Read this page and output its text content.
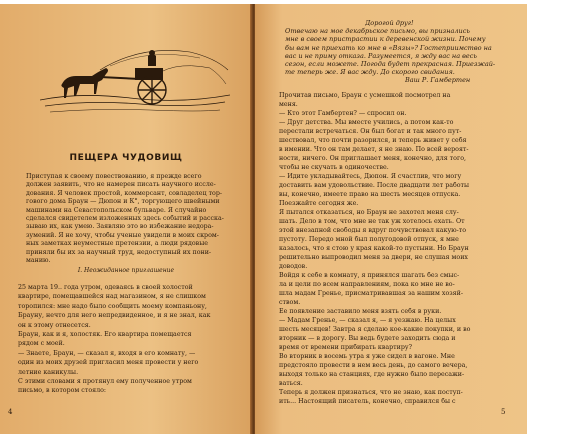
ПЕЩЕРА ЧУДОВИЩ
Приступая к своему повествованию, я прежде всего
должен заявить, что не намерен писать научного иссле-
дования. Я человек простой, коммерсант, совладелец тор-
гового дома Браун — Дюпон и К°, торгующего швейными
машинами на Севастопольском бульваре. Я случайно
сделался свидетелем изложенных здесь событий и расска-
зываю их, как умею. Заявляю это во избежание недора-
зумений. Я не хочу, чтобы ученые увидели в моих скром-
ных заметках неуместные претензии, а люди рядовые
приняли бы их за научный труд, недоступный их пони-
манию.
I. Неожиданное приглашение
25 марта 19.. года утром, одеваясь в своей холостой
квартире, помещавшейся над магазином, я не слишком
торопился: мне надо было сообщить моему компаньону,
Брауну, нечто для него непредвиденное, и я не знал, как
он к этому отнесется.
Браун, как и я, холостяк. Его квартира помещается
рядом с моей.
— Знаете, Браун, — сказал я, входя в его комнату, —
один из моих друзей пригласил меня провести у него
летние каникулы.
С этими словами я протянул ему полученное утром
письмо, в котором стояло:
4
Дорогой друг!
Отвечаю на мое декабрьское письмо, вы признались
мне в своем пристрастии к деревенской жизни. Почему
бы вам не приехать ко мне в «Вязы»? Гостеприимство на
вас и не приму отказа. Разумеется, я жду вас на весь
сезон, если можете. Погода будет прекрасная. Приезжай-
те теперь же. Я вас жду. До скорого свидания.
Ваш Р. Гамбертен
Прочитав письмо, Браун с усмешкой посмотрел на
меня.
— Кто этот Гамбертен? — спросил он.
— Друг детства. Мы вместе учились, а потом как-то
перестали встречаться. Он был богат и так много пут-
шествовал, что почти разорился, и теперь живет у себя
в имении. Что он там делает, я не знаю. По всей вероят-
ности, ничего. Он приглашает меня, конечно, для того,
чтобы не скучать в одиночестве.
— Идите укладывайтесь, Дюпон. Я счастлив, что могу
доставить вам удовольствие. После двадцати лет работы
вы, конечно, имеете право на шесть месяцев отпуска.
Поезжайте сегодня же.
Я пытался отказаться, но Браун не захотел меня слу-
шать. Дело в том, что мне не так уж хотелось ехать. От
этой внезапной свободы я вдруг почувствовал какую-то
пустоту. Передо мной был полугодовой отпуск, я мне
казалось, что я стою у края какой-то пустыни. Но Браун
решительно выпроводил меня за двери, не слушая моих
доводов.
Войдя к себе в комнату, я принялся шагать без смыс-
ла и цели по всем направлениям, пока ко мне не во-
шла мадам Гренье, присматривавшая за нашим хозяй-
ством.
Ее появление заставило меня взять себя в руки.
— Мадам Гренье, — сказал я, — я уезжаю. На целых
шесть месяцев! Завтра я сделаю кое-какие покупки, и во
вторник — в дорогу. Вы ведь будете заходить сюда и
время от времени прибирать квартиру?
Во вторник в восемь утра я уже сидел в вагоне. Мне
предстояло провести в нем весь день, до самого вечера,
выходя только на станциях, где нужно было пересажи-
ваться.
Теперь я должен признаться, что не знаю, как поступ-
ить... Настоящий писатель, конечно, справился бы с
5
